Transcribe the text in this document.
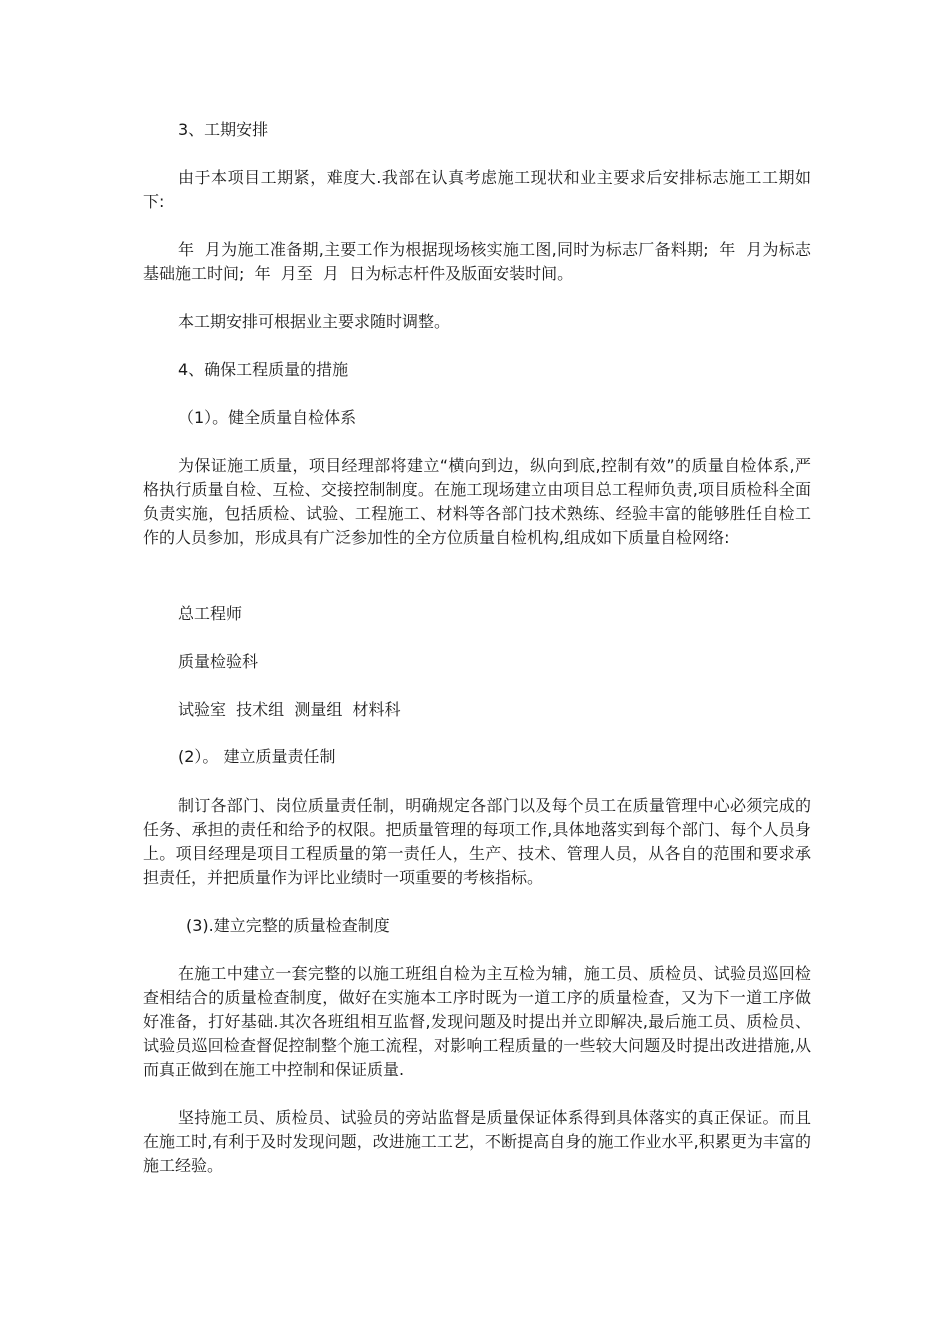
3、工期安排
由于本项目工期紧，难度大.我部在认真考虑施工现状和业主要求后安排标志施工工期如下:
年  月为施工准备期,主要工作为根据现场核实施工图,同时为标志厂备料期;  年  月为标志基础施工时间;  年  月至  月  日为标志杆件及版面安装时间。
本工期安排可根据业主要求随时调整。
4、确保工程质量的措施
（1）。健全质量自检体系
为保证施工质量，项目经理部将建立“横向到边，纵向到底,控制有效”的质量自检体系,严格执行质量自检、互检、交接控制制度。在施工现场建立由项目总工程师负责,项目质检科全面负责实施，包括质检、试验、工程施工、材料等各部门技术熟练、经验丰富的能够胜任自检工作的人员参加，形成具有广泛参加性的全方位质量自检机构,组成如下质量自检网络:
总工程师
质量检验科
试验室  技术组  测量组  材料科
(2）。 建立质量责任制
制订各部门、岗位质量责任制，明确规定各部门以及每个员工在质量管理中心必须完成的任务、承担的责任和给予的权限。把质量管理的每项工作,具体地落实到每个部门、每个人员身上。项目经理是项目工程质量的第一责任人，生产、技术、管理人员，从各自的范围和要求承担责任，并把质量作为评比业绩时一项重要的考核指标。
(3).建立完整的质量检查制度
在施工中建立一套完整的以施工班组自检为主互检为辅，施工员、质检员、试验员巡回检查相结合的质量检查制度，做好在实施本工序时既为一道工序的质量检查，又为下一道工序做好准备，打好基础.其次各班组相互监督,发现问题及时提出并立即解决,最后施工员、质检员、试验员巡回检查督促控制整个施工流程，对影响工程质量的一些较大问题及时提出改进措施,从而真正做到在施工中控制和保证质量.
坚持施工员、质检员、试验员的旁站监督是质量保证体系得到具体落实的真正保证。而且在施工时,有利于及时发现问题，改进施工工艺，不断提高自身的施工作业水平,积累更为丰富的施工经验。
